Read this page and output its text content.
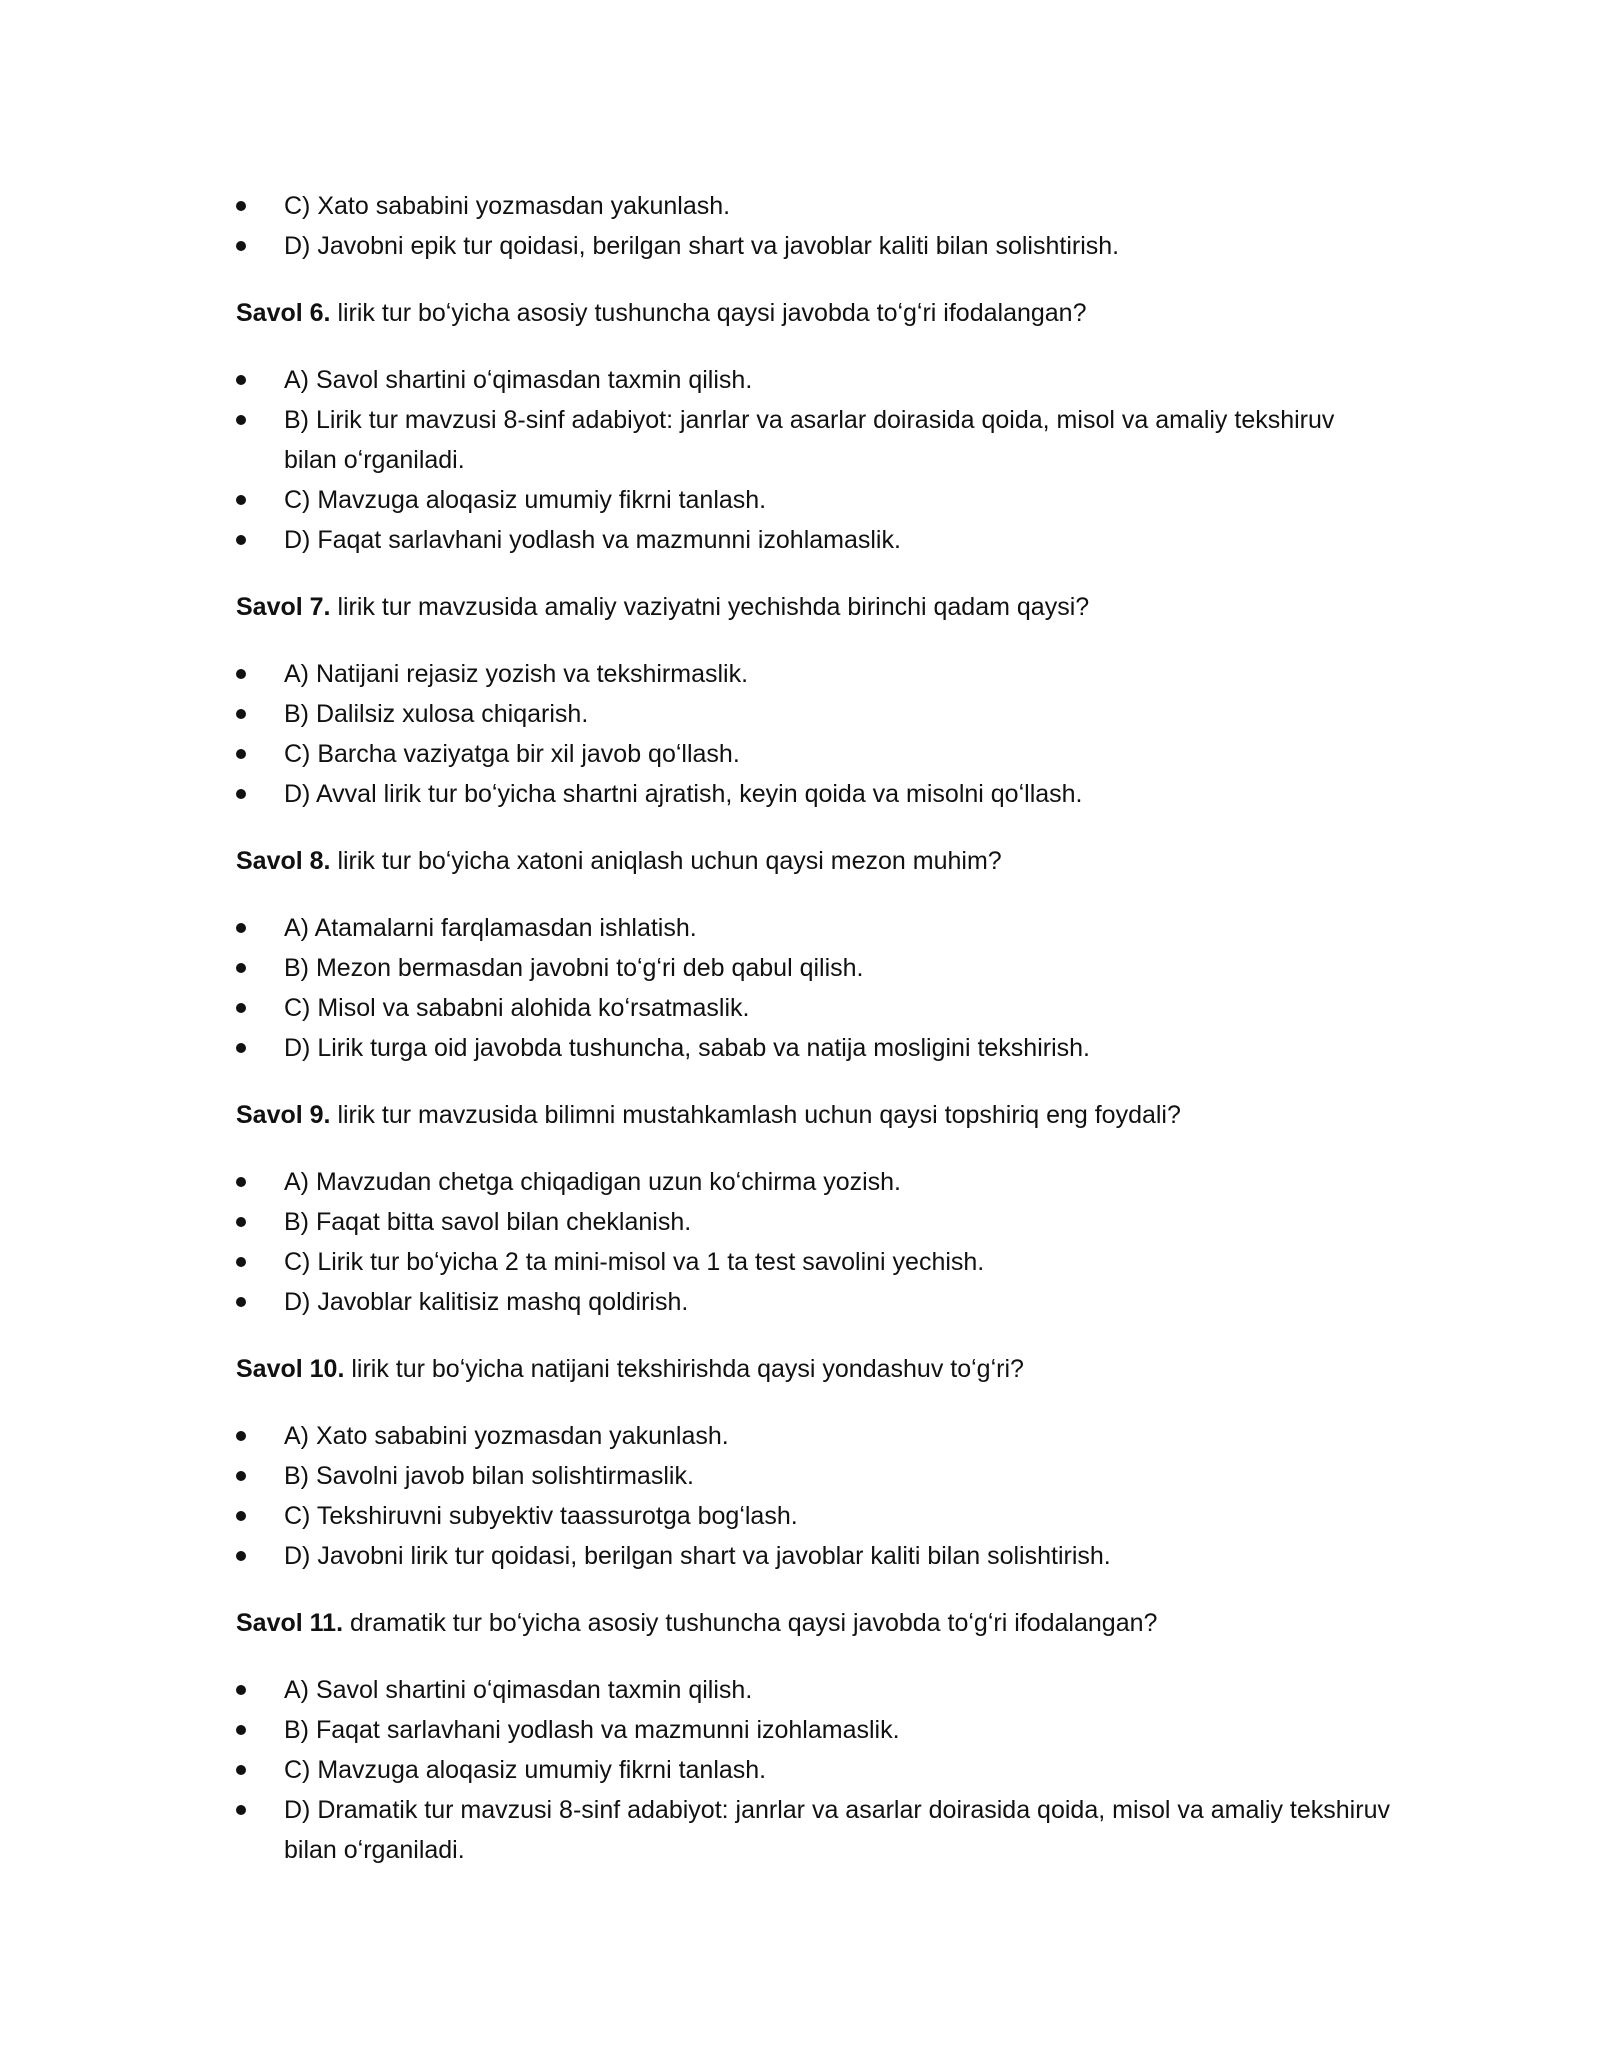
C) Xato sababini yozmasdan yakunlash.
D) Javobni epik tur qoidasi, berilgan shart va javoblar kaliti bilan solishtirish.

Savol 6. lirik tur boʻyicha asosiy tushuncha qaysi javobda toʻgʻri ifodalangan?

A) Savol shartini oʻqimasdan taxmin qilish.
B) Lirik tur mavzusi 8-sinf adabiyot: janrlar va asarlar doirasida qoida, misol va amaliy tekshiruv bilan oʻrganiladi.
C) Mavzuga aloqasiz umumiy fikrni tanlash.
D) Faqat sarlavhani yodlash va mazmunni izohlamaslik.

Savol 7. lirik tur mavzusida amaliy vaziyatni yechishda birinchi qadam qaysi?

A) Natijani rejasiz yozish va tekshirmaslik.
B) Dalilsiz xulosa chiqarish.
C) Barcha vaziyatga bir xil javob qoʻllash.
D) Avval lirik tur boʻyicha shartni ajratish, keyin qoida va misolni qoʻllash.

Savol 8. lirik tur boʻyicha xatoni aniqlash uchun qaysi mezon muhim?

A) Atamalarni farqlamasdan ishlatish.
B) Mezon bermasdan javobni toʻgʻri deb qabul qilish.
C) Misol va sababni alohida koʻrsatmaslik.
D) Lirik turga oid javobda tushuncha, sabab va natija mosligini tekshirish.

Savol 9. lirik tur mavzusida bilimni mustahkamlash uchun qaysi topshiriq eng foydali?

A) Mavzudan chetga chiqadigan uzun koʻchirma yozish.
B) Faqat bitta savol bilan cheklanish.
C) Lirik tur boʻyicha 2 ta mini-misol va 1 ta test savolini yechish.
D) Javoblar kalitisiz mashq qoldirish.

Savol 10. lirik tur boʻyicha natijani tekshirishda qaysi yondashuv toʻgʻri?

A) Xato sababini yozmasdan yakunlash.
B) Savolni javob bilan solishtirmaslik.
C) Tekshiruvni subyektiv taassurotga bogʻlash.
D) Javobni lirik tur qoidasi, berilgan shart va javoblar kaliti bilan solishtirish.

Savol 11. dramatik tur boʻyicha asosiy tushuncha qaysi javobda toʻgʻri ifodalangan?

A) Savol shartini oʻqimasdan taxmin qilish.
B) Faqat sarlavhani yodlash va mazmunni izohlamaslik.
C) Mavzuga aloqasiz umumiy fikrni tanlash.
D) Dramatik tur mavzusi 8-sinf adabiyot: janrlar va asarlar doirasida qoida, misol va amaliy tekshiruv bilan oʻrganiladi.
